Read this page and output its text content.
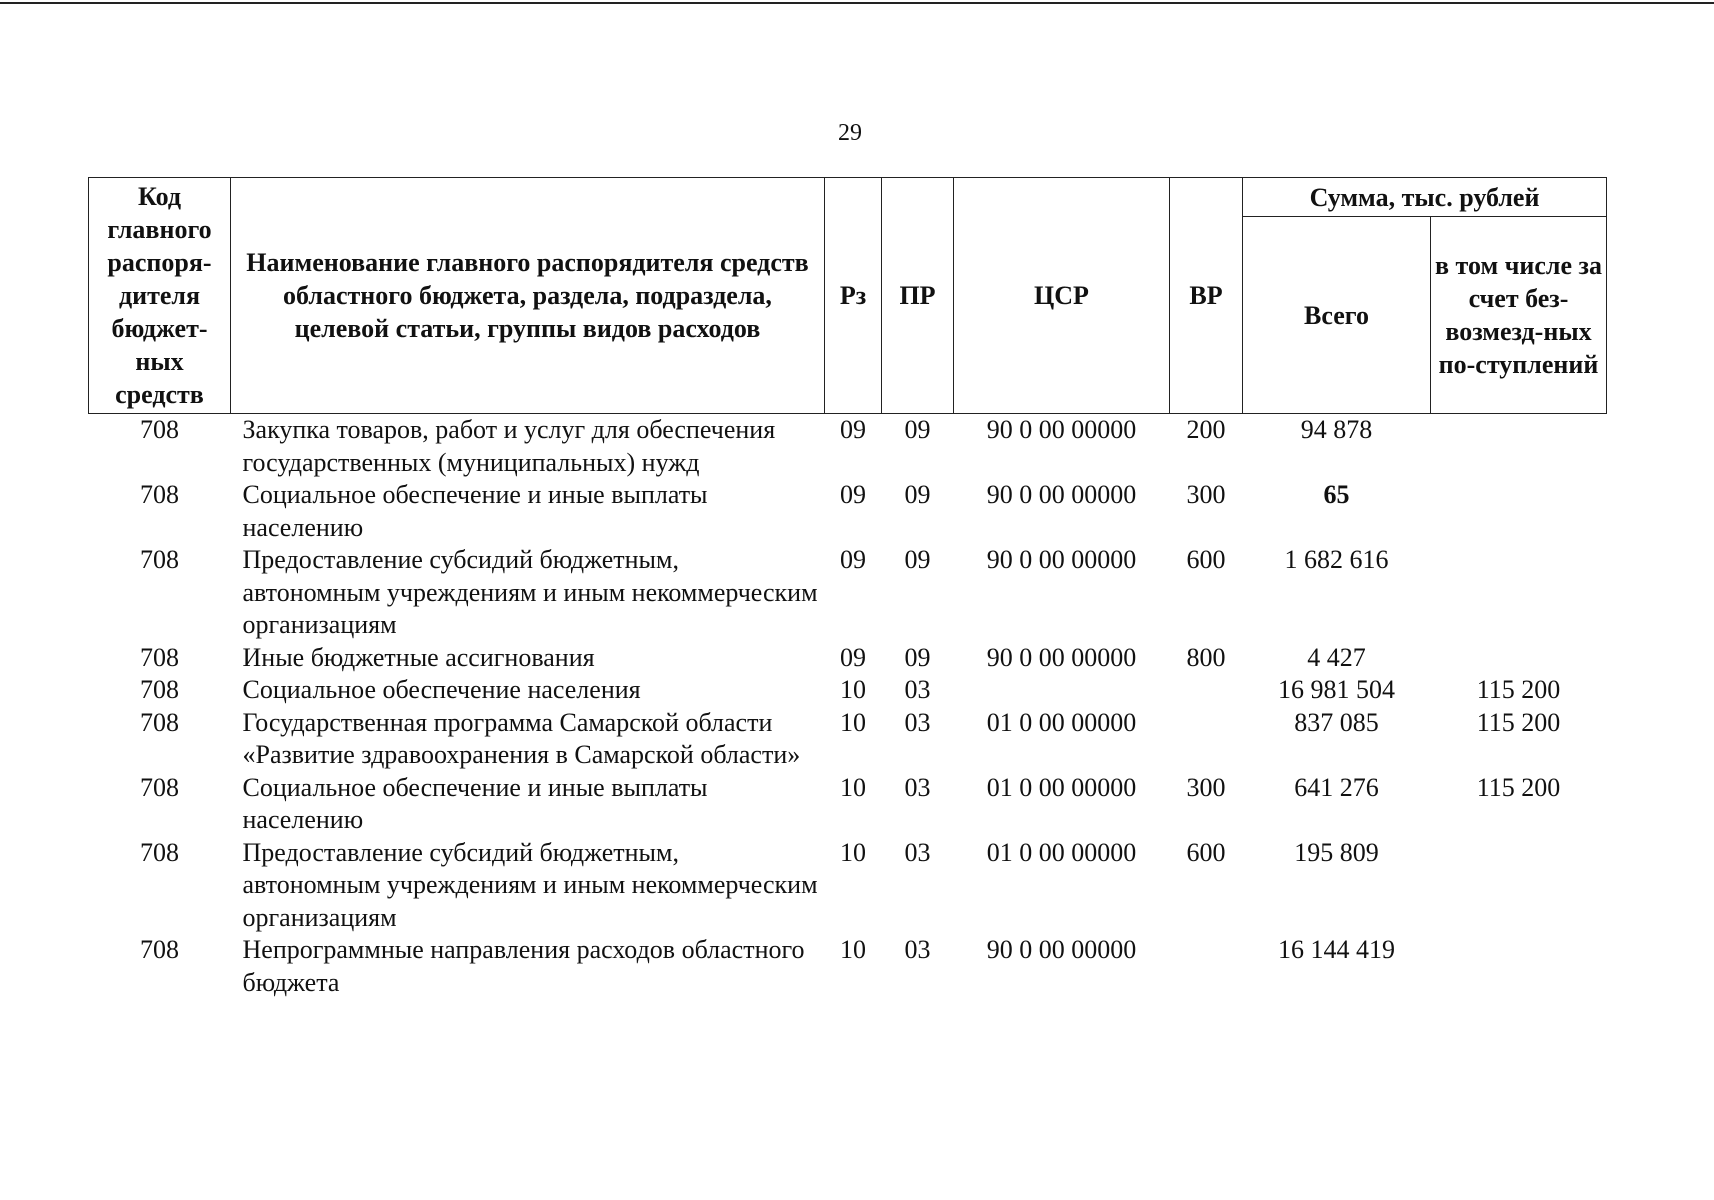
29
Код главного распоря-дителя бюджет-ных средств	Наименование главного распорядителя средств областного бюджета, раздела, подраздела, целевой статьи, группы видов расходов	Рз	ПР	ЦСР	ВР	Сумма, тыс. рублей	
						Всего	в том числе за счет без-возмезд-ных по-ступлений
708	Закупка товаров, работ и услуг для обеспечения государственных (муниципальных) нужд	09	09	90 0 00 00000	200	94 878	
708	Социальное обеспечение и иные выплаты населению	09	09	90 0 00 00000	300	65	
708	Предоставление субсидий бюджетным, автономным учреждениям и иным некоммерческим организациям	09	09	90 0 00 00000	600	1 682 616	
708	Иные бюджетные ассигнования	09	09	90 0 00 00000	800	4 427	
708	Социальное обеспечение населения	10	03			16 981 504	115 200
708	Государственная программа Самарской области «Развитие здравоохранения в Самарской области»	10	03	01 0 00 00000		837 085	115 200
708	Социальное обеспечение и иные выплаты населению	10	03	01 0 00 00000	300	641 276	115 200
708	Предоставление субсидий бюджетным, автономным учреждениям и иным некоммерческим организациям	10	03	01 0 00 00000	600	195 809	
708	Непрограммные направления расходов областного бюджета	10	03	90 0 00 00000		16 144 419	
